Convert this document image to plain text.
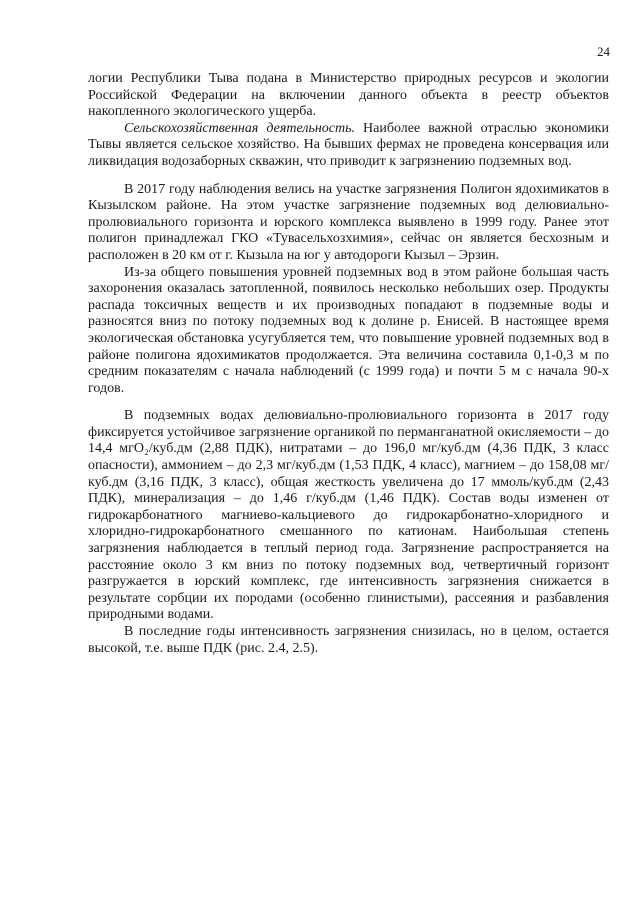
24

логии Республики Тыва подана в Министерство природных ресурсов и экологии Российской Федерации на включении данного объекта в реестр объектов накопленного экологического ущерба.

Сельскохозяйственная деятельность. Наиболее важной отраслью экономики Тывы является сельское хозяйство. На бывших фермах не проведена консервация или ликвидация водозаборных скважин, что приводит к загрязнению подземных вод.

В 2017 году наблюдения велись на участке загрязнения Полигон ядохимикатов в Кызылском районе. На этом участке загрязнение подземных вод делювиально-пролювиального горизонта и юрского комплекса выявлено в 1999 году. Ранее этот полигон принадлежал ГКО «Тувасельхозхимия», сейчас он является бесхозным и расположен в 20 км от г. Кызыла на юг у автодороги Кызыл – Эрзин.

Из-за общего повышения уровней подземных вод в этом районе большая часть захоронения оказалась затопленной, появилось несколько небольших озер. Продукты распада токсичных веществ и их производных попадают в подземные воды и разносятся вниз по потоку подземных вод к долине р. Енисей. В настоящее время экологическая обстановка усугубляется тем, что повышение уровней подземных вод в районе полигона ядохимикатов продолжается. Эта величина составила 0,1-0,3 м по средним показателям с начала наблюдений (с 1999 года) и почти 5 м с начала 90-х годов.

В подземных водах делювиально-пролювиального горизонта в 2017 году фиксируется устойчивое загрязнение органикой по перманганатной окисляемости – до 14,4 мгО₂/куб.дм (2,88 ПДК), нитратами – до 196,0 мг/куб.дм (4,36 ПДК, 3 класс опасности), аммонием – до 2,3 мг/куб.дм (1,53 ПДК, 4 класс), магнием – до 158,08 мг/куб.дм (3,16 ПДК, 3 класс), общая жесткость увеличена до 17 ммоль/куб.дм (2,43 ПДК), минерализация – до 1,46 г/куб.дм (1,46 ПДК). Состав воды изменен от гидрокарбонатного магниево-кальциевого до гидрокарбонатно-хлоридного и хлоридно-гидрокарбонатного смешанного по катионам. Наибольшая степень загрязнения наблюдается в теплый период года. Загрязнение распространяется на расстояние около 3 км вниз по потоку подземных вод, четвертичный горизонт разгружается в юрский комплекс, где интенсивность загрязнения снижается в результате сорбции их породами (особенно глинистыми), рассеяния и разбавления природными водами.

В последние годы интенсивность загрязнения снизилась, но в целом, остается высокой, т.е. выше ПДК (рис. 2.4, 2.5).
